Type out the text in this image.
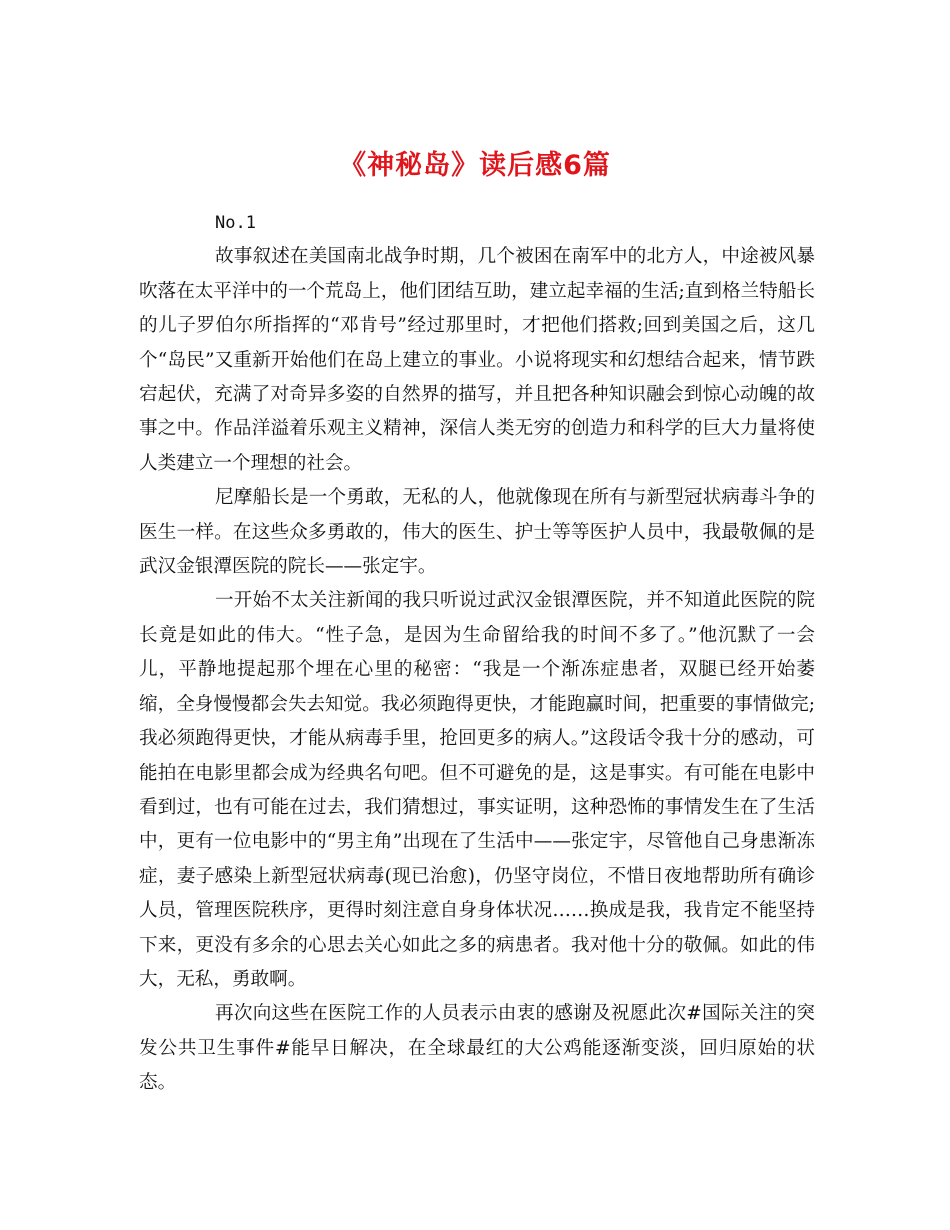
《神秘岛》读后感6篇

No.1

故事叙述在美国南北战争时期，几个被困在南军中的北方人，中途被风暴吹落在太平洋中的一个荒岛上，他们团结互助，建立起幸福的生活;直到格兰特船长的儿子罗伯尔所指挥的“邓肯号”经过那里时，才把他们搭救;回到美国之后，这几个“岛民”又重新开始他们在岛上建立的事业。小说将现实和幻想结合起来，情节跌宕起伏，充满了对奇异多姿的自然界的描写，并且把各种知识融会到惊心动魄的故事之中。作品洋溢着乐观主义精神，深信人类无穷的创造力和科学的巨大力量将使人类建立一个理想的社会。

尼摩船长是一个勇敢，无私的人，他就像现在所有与新型冠状病毒斗争的医生一样。在这些众多勇敢的，伟大的医生、护士等等医护人员中，我最敬佩的是武汉金银潭医院的院长——张定宇。

一开始不太关注新闻的我只听说过武汉金银潭医院，并不知道此医院的院长竟是如此的伟大。“性子急，是因为生命留给我的时间不多了。”他沉默了一会儿，平静地提起那个埋在心里的秘密：“我是一个渐冻症患者，双腿已经开始萎缩，全身慢慢都会失去知觉。我必须跑得更快，才能跑赢时间，把重要的事情做完;我必须跑得更快，才能从病毒手里，抢回更多的病人。”这段话令我十分的感动，可能拍在电影里都会成为经典名句吧。但不可避免的是，这是事实。有可能在电影中看到过，也有可能在过去，我们猜想过，事实证明，这种恐怖的事情发生在了生活中，更有一位电影中的“男主角”出现在了生活中——张定宇，尽管他自己身患渐冻症，妻子感染上新型冠状病毒(现已治愈)，仍坚守岗位，不惜日夜地帮助所有确诊人员，管理医院秩序，更得时刻注意自身身体状况……换成是我，我肯定不能坚持下来，更没有多余的心思去关心如此之多的病患者。我对他十分的敬佩。如此的伟大，无私，勇敢啊。

再次向这些在医院工作的人员表示由衷的感谢及祝愿此次#国际关注的突发公共卫生事件#能早日解决，在全球最红的大公鸡能逐渐变淡，回归原始的状态。
